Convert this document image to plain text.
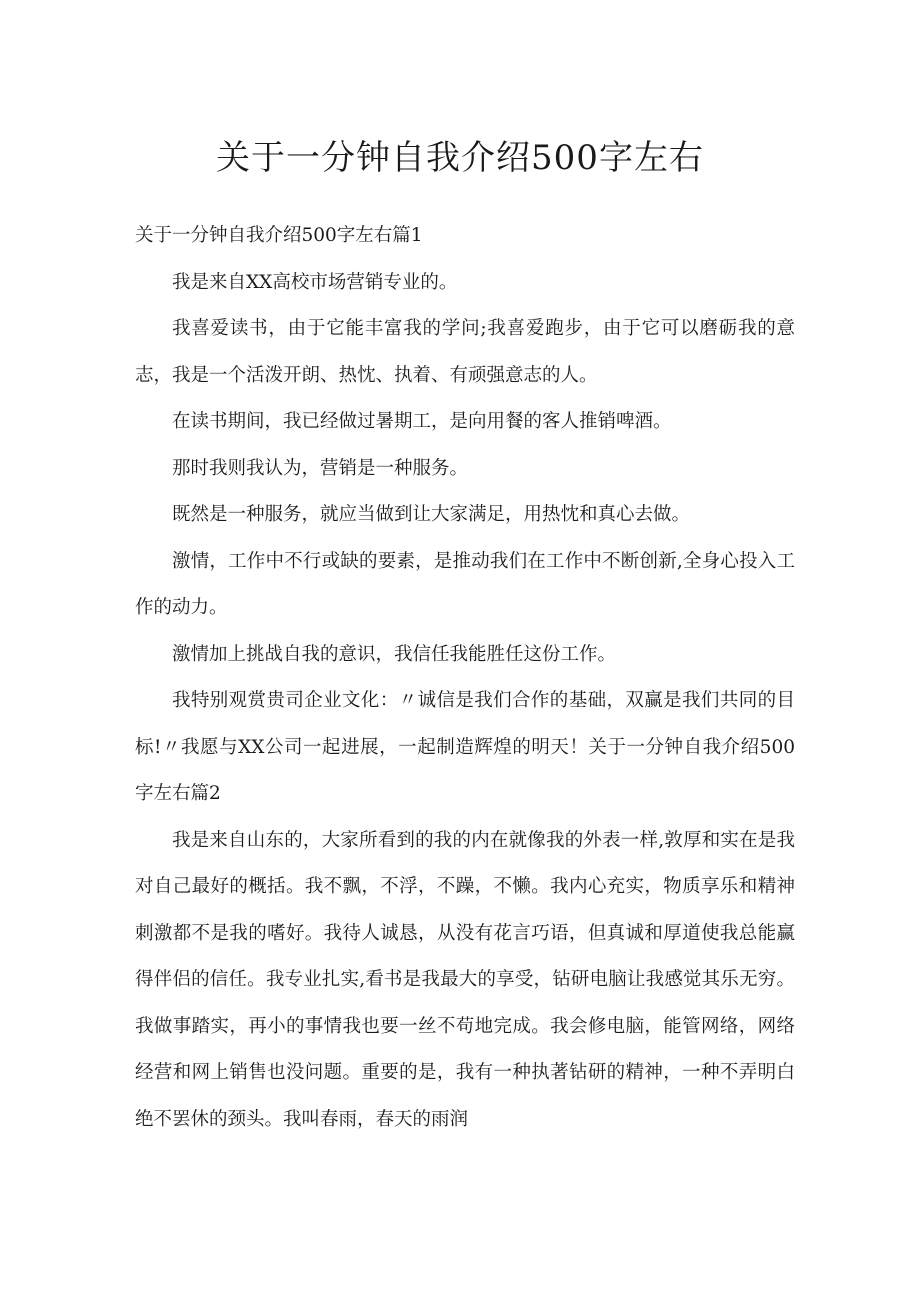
关于一分钟自我介绍500字左右

关于一分钟自我介绍500字左右篇1

我是来自XX高校市场营销专业的。

我喜爱读书，由于它能丰富我的学问;我喜爱跑步，由于它可以磨砺我的意志，我是一个活泼开朗、热忱、执着、有顽强意志的人。

在读书期间，我已经做过暑期工，是向用餐的客人推销啤酒。

那时我则我认为，营销是一种服务。

既然是一种服务，就应当做到让大家满足，用热忱和真心去做。

激情，工作中不行或缺的要素，是推动我们在工作中不断创新,全身心投入工作的动力。

激情加上挑战自我的意识，我信任我能胜任这份工作。

我特别观赏贵司企业文化：〃诚信是我们合作的基础，双赢是我们共同的目标!〃我愿与XX公司一起进展，一起制造辉煌的明天！关于一分钟自我介绍500字左右篇2

我是来自山东的，大家所看到的我的内在就像我的外表一样,敦厚和实在是我对自己最好的概括。我不飘，不浮，不躁，不懒。我内心充实，物质享乐和精神刺激都不是我的嗜好。我待人诚恳，从没有花言巧语，但真诚和厚道使我总能赢得伴侣的信任。我专业扎实,看书是我最大的享受，钻研电脑让我感觉其乐无穷。我做事踏实，再小的事情我也要一丝不苟地完成。我会修电脑，能管网络，网络经营和网上销售也没问题。重要的是，我有一种执著钻研的精神，一种不弄明白绝不罢休的颈头。我叫春雨，春天的雨润
